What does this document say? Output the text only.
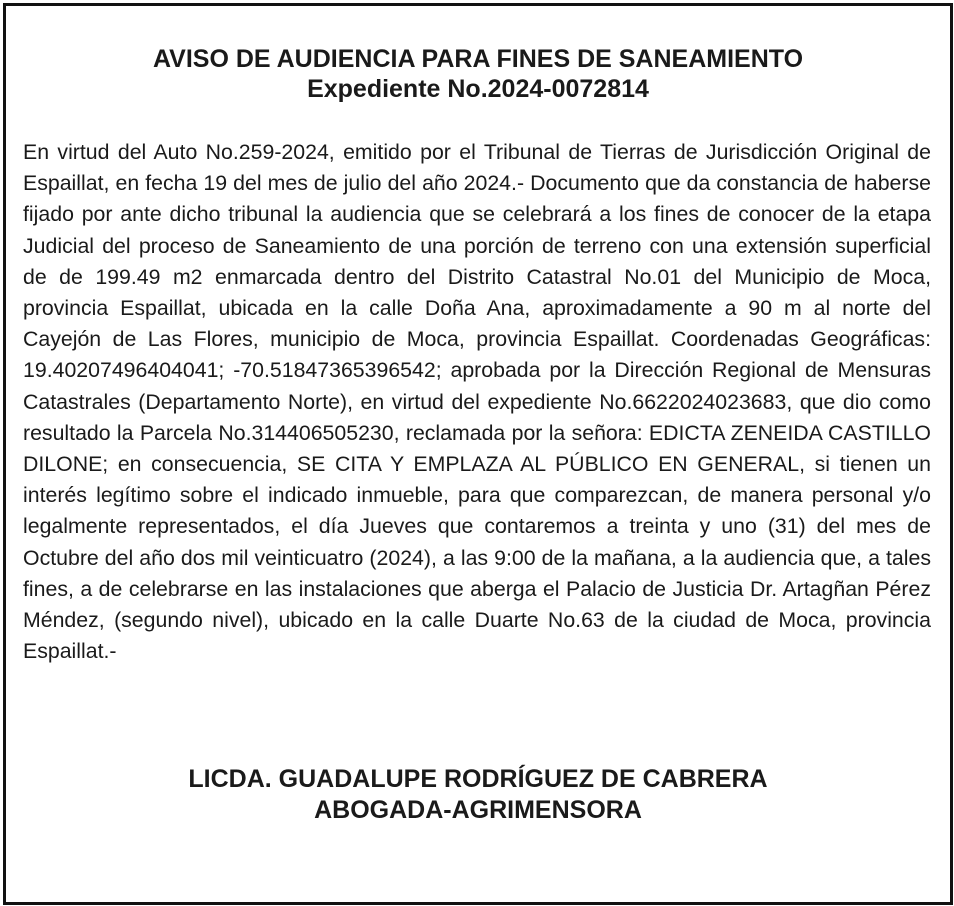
AVISO DE AUDIENCIA PARA FINES DE SANEAMIENTO
Expediente No.2024-0072814

En virtud del Auto No.259-2024, emitido por el Tribunal de Tierras de Jurisdicción Original de Espaillat, en fecha 19 del mes de julio del año 2024.- Documento que da constancia de haberse fijado por ante dicho tribunal la audiencia que se celebrará a los fines de conocer de la etapa Judicial del proceso de Saneamiento de una porción de terreno con una extensión superficial de de 199.49 m2 enmarcada dentro del Distrito Catastral No.01 del Municipio de Moca, provincia Espaillat, ubicada en la calle Doña Ana, aproximadamente a 90 m al norte del Cayejón de Las Flores, municipio de Moca, provincia Espaillat. Coordenadas Geográficas: 19.40207496404041; -70.51847365396542; aprobada por la Dirección Regional de Mensuras Catastrales (Departamento Norte), en virtud del expediente No.6622024023683, que dio como resultado la Parcela No.314406505230, reclamada por la señora: EDICTA ZENEIDA CASTILLO DILONE; en consecuencia, SE CITA Y EMPLAZA AL PÚBLICO EN GENERAL, si tienen un interés legítimo sobre el indicado inmueble, para que comparezcan, de manera personal y/o legalmente representados, el día Jueves que contaremos a treinta y uno (31) del mes de Octubre del año dos mil veinticuatro (2024), a las 9:00 de la mañana, a la audiencia que, a tales fines, a de celebrarse en las instalaciones que aberga el Palacio de Justicia Dr. Artagñan Pérez Méndez, (segundo nivel), ubicado en la calle Duarte No.63 de la ciudad de Moca, provincia Espaillat.-

LICDA. GUADALUPE RODRÍGUEZ DE CABRERA
ABOGADA-AGRIMENSORA
